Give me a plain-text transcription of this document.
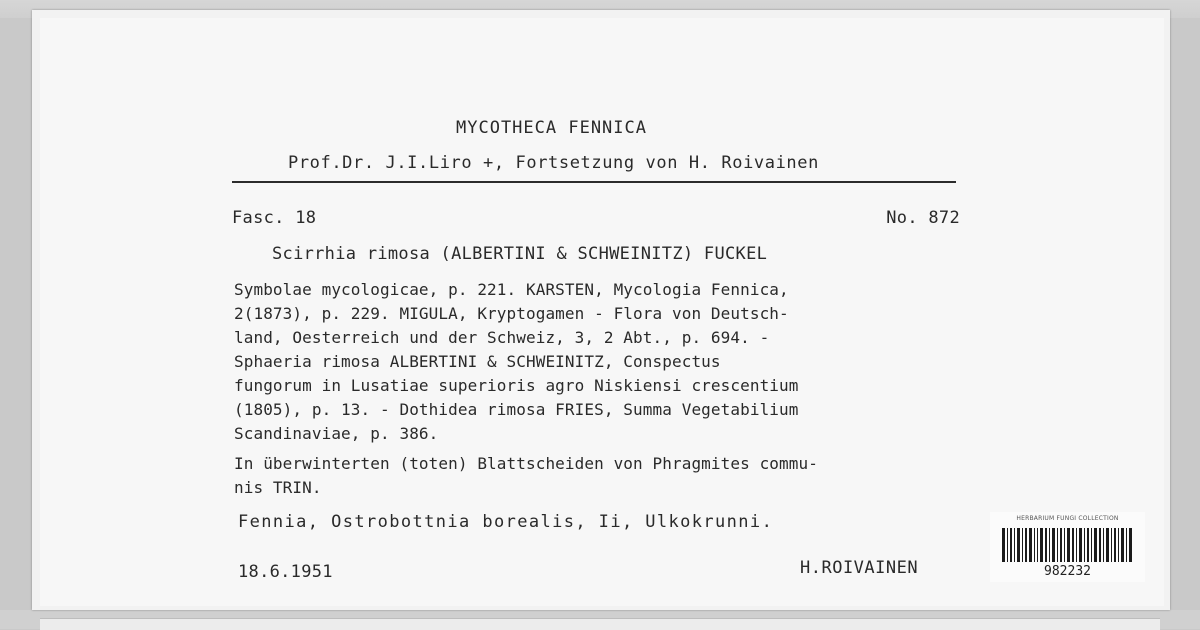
MYCOTHECA FENNICA
Prof.Dr. J.I.Liro +, Fortsetzung von H. Roivainen
Fasc. 18	No. 872
Scirrhia rimosa (ALBERTINI & SCHWEINITZ) FUCKEL
Symbolae mycologicae, p. 221. KARSTEN, Mycologia Fennica,
2(1873), p. 229. MIGULA, Kryptogamen - Flora von Deutsch-
land, Oesterreich und der Schweiz, 3, 2 Abt., p. 694. -
Sphaeria rimosa ALBERTINI & SCHWEINITZ, Conspectus
fungorum in Lusatiae superioris agro Niskiensi crescentium
(1805), p. 13. - Dothidea rimosa FRIES, Summa Vegetabilium
Scandinaviae, p. 386.
In überwinterten (toten) Blattscheiden von Phragmites commu-
nis TRIN.
Fennia, Ostrobottnia borealis, Ii, Ulkokrunni.
18.6.1951	H.ROIVAINEN
HERBARIUM FUNGI COLLECTION
982232
